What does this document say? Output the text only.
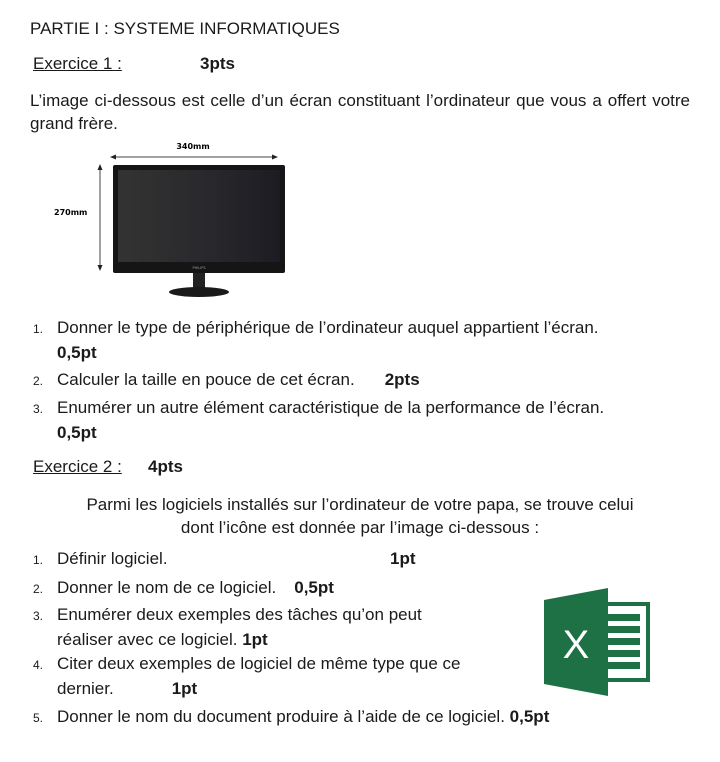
PARTIE I : SYSTEME INFORMATIQUES
Exercice 1 :	3pts
L’image ci-dessous est celle d’un écran constituant l’ordinateur que vous a offert votre grand frère.
340mm
270mm
PHILIPS
1. Donner le type de périphérique de l’ordinateur auquel appartient l’écran.
0,5pt
2. Calculer la taille en pouce de cet écran. 2pts
3. Enumérer un autre élément caractéristique de la performance de l’écran.
0,5pt
Exercice 2 : 4pts
Parmi les logiciels installés sur l’ordinateur de votre papa, se trouve celui
dont l’icône est donnée par l’image ci-dessous :
1. Définir logiciel.	1pt
2. Donner le nom de ce logiciel. 0,5pt
3. Enumérer deux exemples des tâches qu’on peut
réaliser avec ce logiciel. 1pt
4. Citer deux exemples de logiciel de même type que ce
dernier.	1pt
5. Donner le nom du document produire à l’aide de ce logiciel. 0,5pt
X
